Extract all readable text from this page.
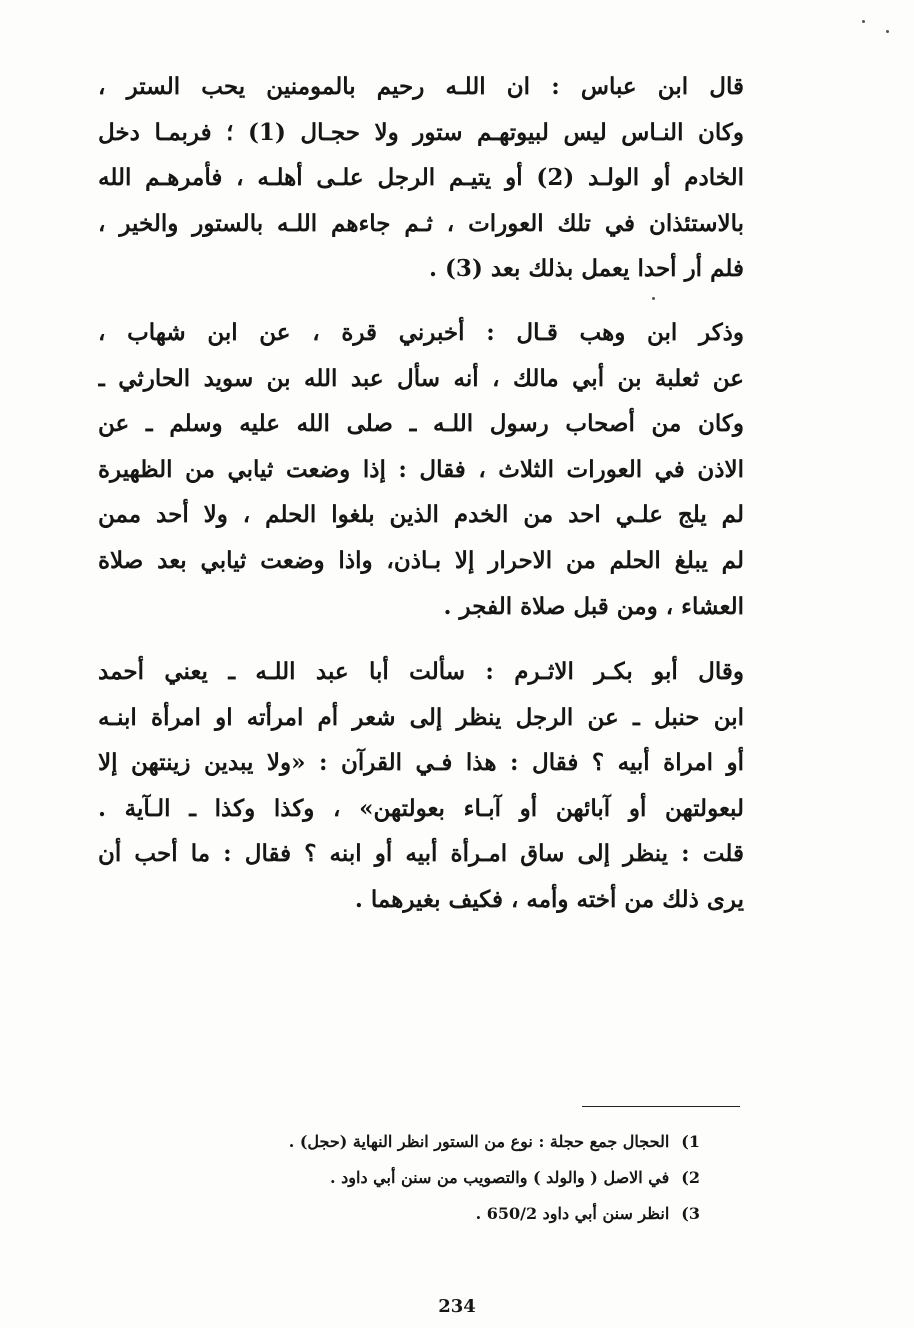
قال ابن عباس : ان اللـه رحيم بالمومنين يحب الستر ،
وكان النـاس ليس لبيوتهـم ستور ولا حجـال (1) ؛ فربمـا دخل
الخادم أو الولـد (2) أو يتيـم الرجل علـى أهلـه ، فأمرهـم الله
بالاستئذان في تلك العورات ، ثـم جاءهم اللـه بالستور والخير ،
فلم أر أحدا يعمل بذلك بعد (3) .
وذكر ابن وهب قـال : أخبرني قرة ، عن ابن شهاب ،
عن ثعلبة بن أبي مالك ، أنه سأل عبد الله بن سويد الحارثي ـ
وكان من أصحاب رسول اللـه ـ صلى الله عليه وسلم ـ عن
الاذن في العورات الثلاث ، فقال : إذا وضعت ثيابي من الظهيرة
لم يلج علـي احد من الخدم الذين بلغوا الحلم ، ولا أحد ممن
لم يبلغ الحلم من الاحرار إلا بـاذن، واذا وضعت ثيابي بعد صلاة
العشاء ، ومن قبل صلاة الفجر .
وقال أبو بكـر الاثـرم : سألت أبا عبد اللـه ـ يعني أحمد
ابن حنبل ـ عن الرجل ينظر إلى شعر أم امرأته او امرأة ابنـه
أو امراة أبيه ؟ فقال : هذا فـي القرآن : «ولا يبدين زينتهن إلا
لبعولتهن أو آبائهن أو آبـاء بعولتهن» ، وكذا وكذا ـ الـآية .
قلت : ينظر إلى ساق امـرأة أبيه أو ابنه ؟ فقال : ما أحب أن
يرى ذلك من أخته وأمه ، فكيف بغيرهما .
1)الحجال جمع حجلة : نوع من الستور انظر النهاية (حجل) .
2)في الاصل ( والولد ) والتصويب من سنن أبي داود .
3)انظر سنن أبي داود 650/2 .
234
